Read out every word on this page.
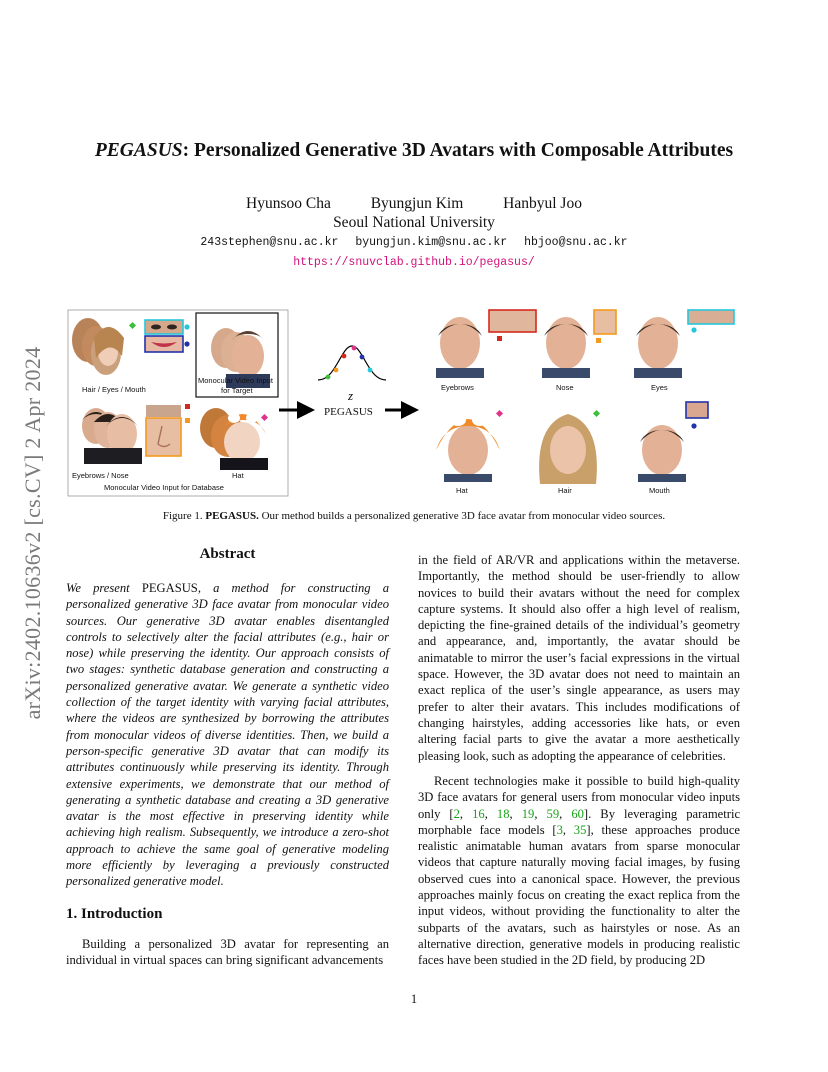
arXiv:2402.10636v2 [cs.CV] 2 Apr 2024
PEGASUS: Personalized Generative 3D Avatars with Composable Attributes
Hyunsoo Cha	Byungjun Kim	Hanbyul Joo
Seoul National University
243stephen@snu.ac.kr byungjun.kim@snu.ac.kr hbjoo@snu.ac.kr
https://snuvclab.github.io/pegasus/
Hair / Eyes / Mouth
Monocular Video Input
for Target
Eyebrows / Nose	Hat
Monocular Video Input for Database
z
PEGASUS
Eyebrows	Nose	Eyes
Hat	Hair	Mouth
Figure 1. PEGASUS. Our method builds a personalized generative 3D face avatar from monocular video sources.
Abstract
We present PEGASUS, a method for constructing a personalized generative 3D face avatar from monocular video sources. Our generative 3D avatar enables disentangled controls to selectively alter the facial attributes (e.g., hair or nose) while preserving the identity. Our approach consists of two stages: synthetic database generation and constructing a personalized generative avatar. We generate a synthetic video collection of the target identity with varying facial attributes, where the videos are synthesized by borrowing the attributes from monocular videos of diverse identities. Then, we build a person-specific generative 3D avatar that can modify its attributes continuously while preserving its identity. Through extensive experiments, we demonstrate that our method of generating a synthetic database and creating a 3D generative avatar is the most effective in preserving identity while achieving high realism. Subsequently, we introduce a zero-shot approach to achieve the same goal of generative modeling more efficiently by leveraging a previously constructed personalized generative model.
1. Introduction
Building a personalized 3D avatar for representing an individual in virtual spaces can bring significant advancements
in the field of AR/VR and applications within the metaverse. Importantly, the method should be user-friendly to allow novices to build their avatars without the need for complex capture systems. It should also offer a high level of realism, depicting the fine-grained details of the individual’s geometry and appearance, and, importantly, the avatar should be animatable to mirror the user’s facial expressions in the virtual space. However, the 3D avatar does not need to maintain an exact replica of the user’s single appearance, as users may prefer to alter their avatars. This includes modifications of changing hairstyles, adding accessories like hats, or even altering facial parts to give the avatar a more aesthetically pleasing look, such as adopting the appearance of celebrities.
Recent technologies make it possible to build high-quality 3D face avatars for general users from monocular video inputs only [2, 16, 18, 19, 59, 60]. By leveraging parametric morphable face models [3, 35], these approaches produce realistic animatable human avatars from sparse monocular videos that capture naturally moving facial images, by fusing observed cues into a canonical space. However, the previous approaches mainly focus on creating the exact replica from the input videos, without providing the functionality to alter the subparts of the avatars, such as hairstyles or nose. As an alternative direction, generative models in producing realistic faces have been studied in the 2D field, by producing 2D
1
